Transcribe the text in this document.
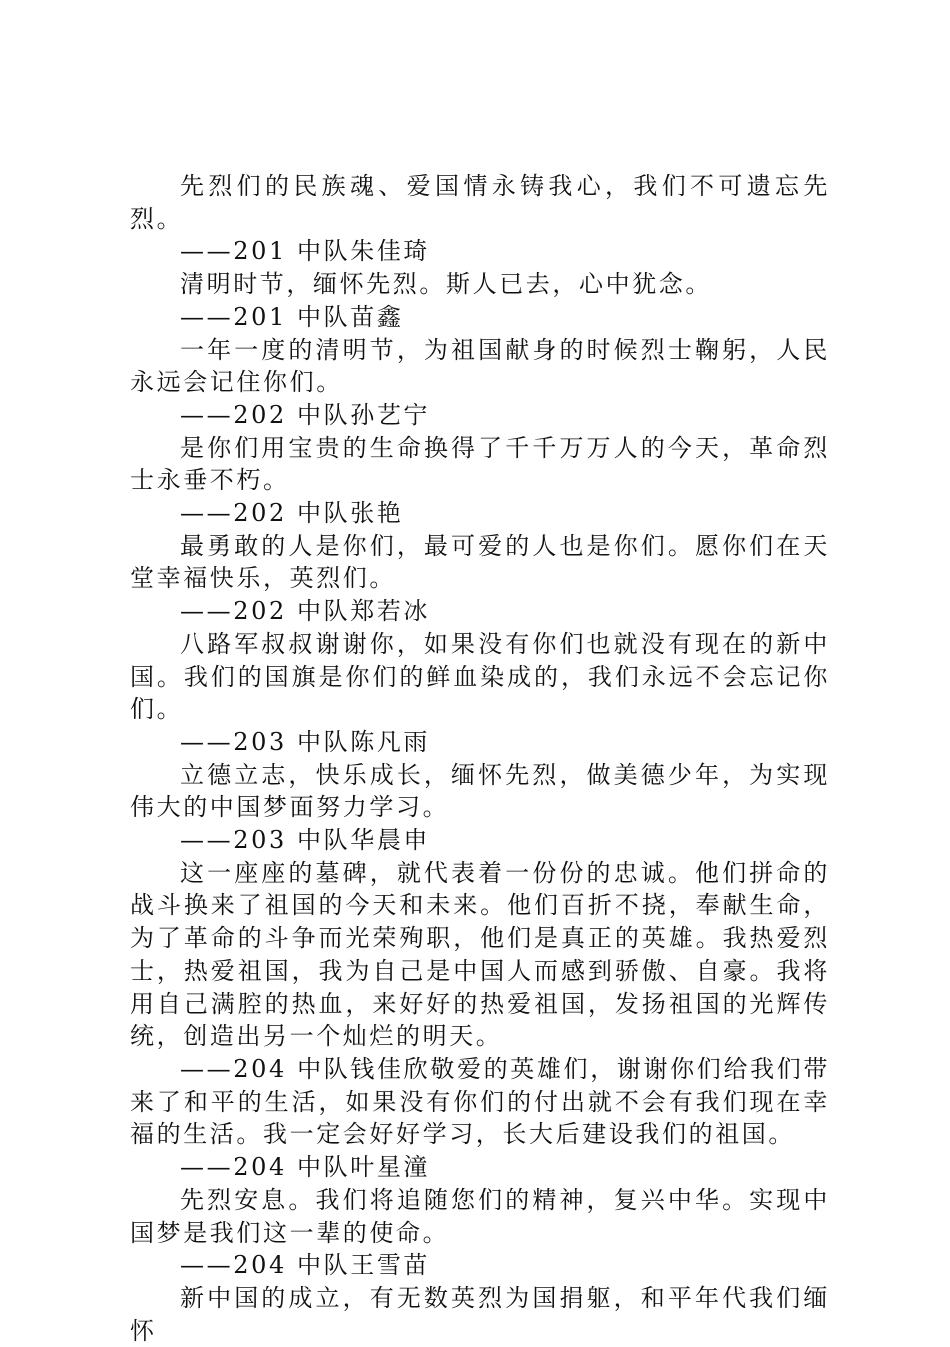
先烈们的民族魂、爱国情永铸我心，我们不可遗忘先烈。

——201 中队朱佳琦

清明时节，缅怀先烈。斯人已去，心中犹念。

——201 中队苗鑫

一年一度的清明节，为祖国献身的时候烈士鞠躬，人民永远会记住你们。

——202 中队孙艺宁

是你们用宝贵的生命换得了千千万万人的今天，革命烈士永垂不朽。

——202 中队张艳

最勇敢的人是你们，最可爱的人也是你们。愿你们在天堂幸福快乐，英烈们。

——202 中队郑若冰

八路军叔叔谢谢你，如果没有你们也就没有现在的新中国。我们的国旗是你们的鲜血染成的，我们永远不会忘记你们。

——203 中队陈凡雨

立德立志，快乐成长，缅怀先烈，做美德少年，为实现伟大的中国梦面努力学习。

——203 中队华晨申

这一座座的墓碑，就代表着一份份的忠诚。他们拼命的战斗换来了祖国的今天和未来。他们百折不挠，奉献生命，为了革命的斗争而光荣殉职，他们是真正的英雄。我热爱烈士，热爱祖国，我为自己是中国人而感到骄傲、自豪。我将用自己满腔的热血，来好好的热爱祖国，发扬祖国的光辉传统，创造出另一个灿烂的明天。

——204 中队钱佳欣敬爱的英雄们，谢谢你们给我们带来了和平的生活，如果没有你们的付出就不会有我们现在幸福的生活。我一定会好好学习，长大后建设我们的祖国。

——204 中队叶星潼

先烈安息。我们将追随您们的精神，复兴中华。实现中国梦是我们这一辈的使命。

——204 中队王雪苗

新中国的成立，有无数英烈为国捐躯，和平年代我们缅怀
